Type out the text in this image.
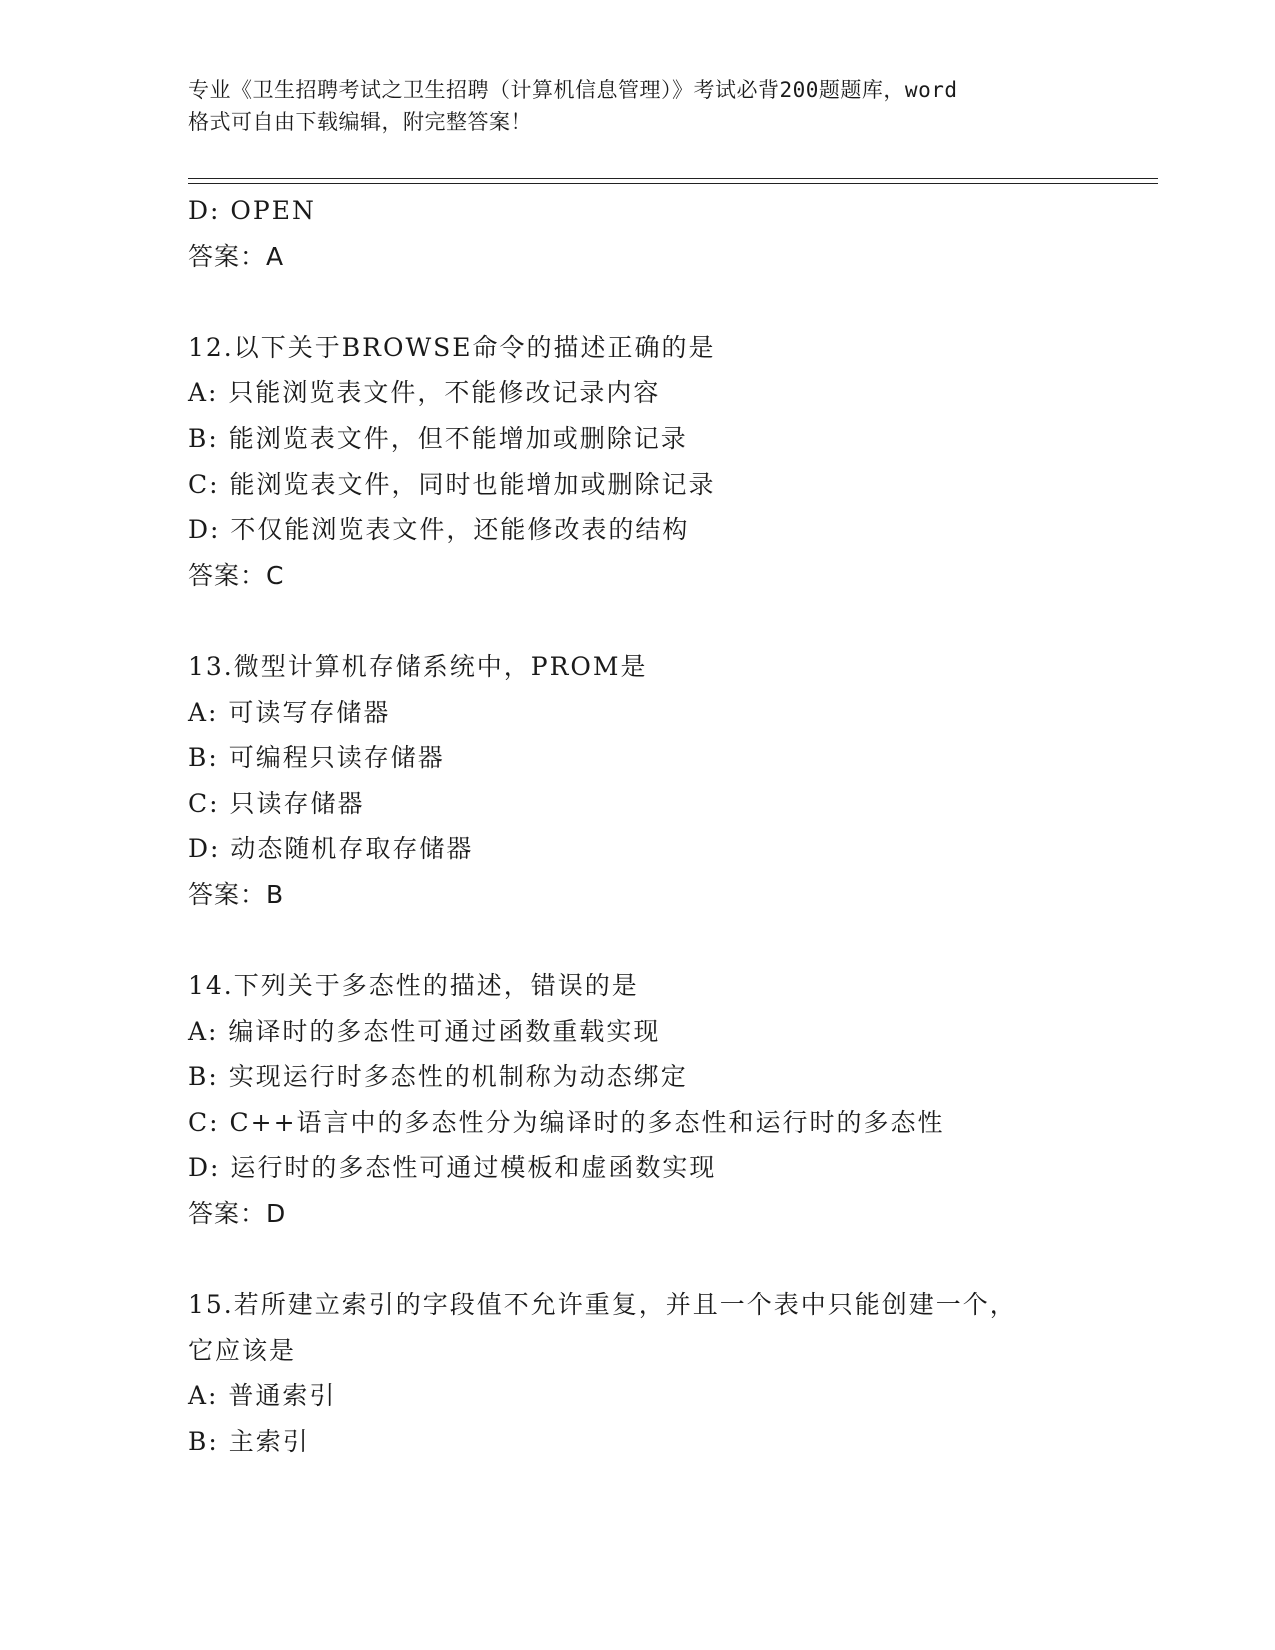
专业《卫生招聘考试之卫生招聘（计算机信息管理）》考试必背200题题库，word
格式可自由下载编辑，附完整答案！
D: OPEN
答案：A
12.以下关于BROWSE命令的描述正确的是
A: 只能浏览表文件，不能修改记录内容
B: 能浏览表文件，但不能增加或删除记录
C: 能浏览表文件，同时也能增加或删除记录
D: 不仅能浏览表文件，还能修改表的结构
答案：C
13.微型计算机存储系统中，PROM是
A: 可读写存储器
B: 可编程只读存储器
C: 只读存储器
D: 动态随机存取存储器
答案：B
14.下列关于多态性的描述，错误的是
A: 编译时的多态性可通过函数重载实现
B: 实现运行时多态性的机制称为动态绑定
C: C++语言中的多态性分为编译时的多态性和运行时的多态性
D: 运行时的多态性可通过模板和虚函数实现
答案：D
15.若所建立索引的字段值不允许重复，并且一个表中只能创建一个，
它应该是
A: 普通索引
B: 主索引
